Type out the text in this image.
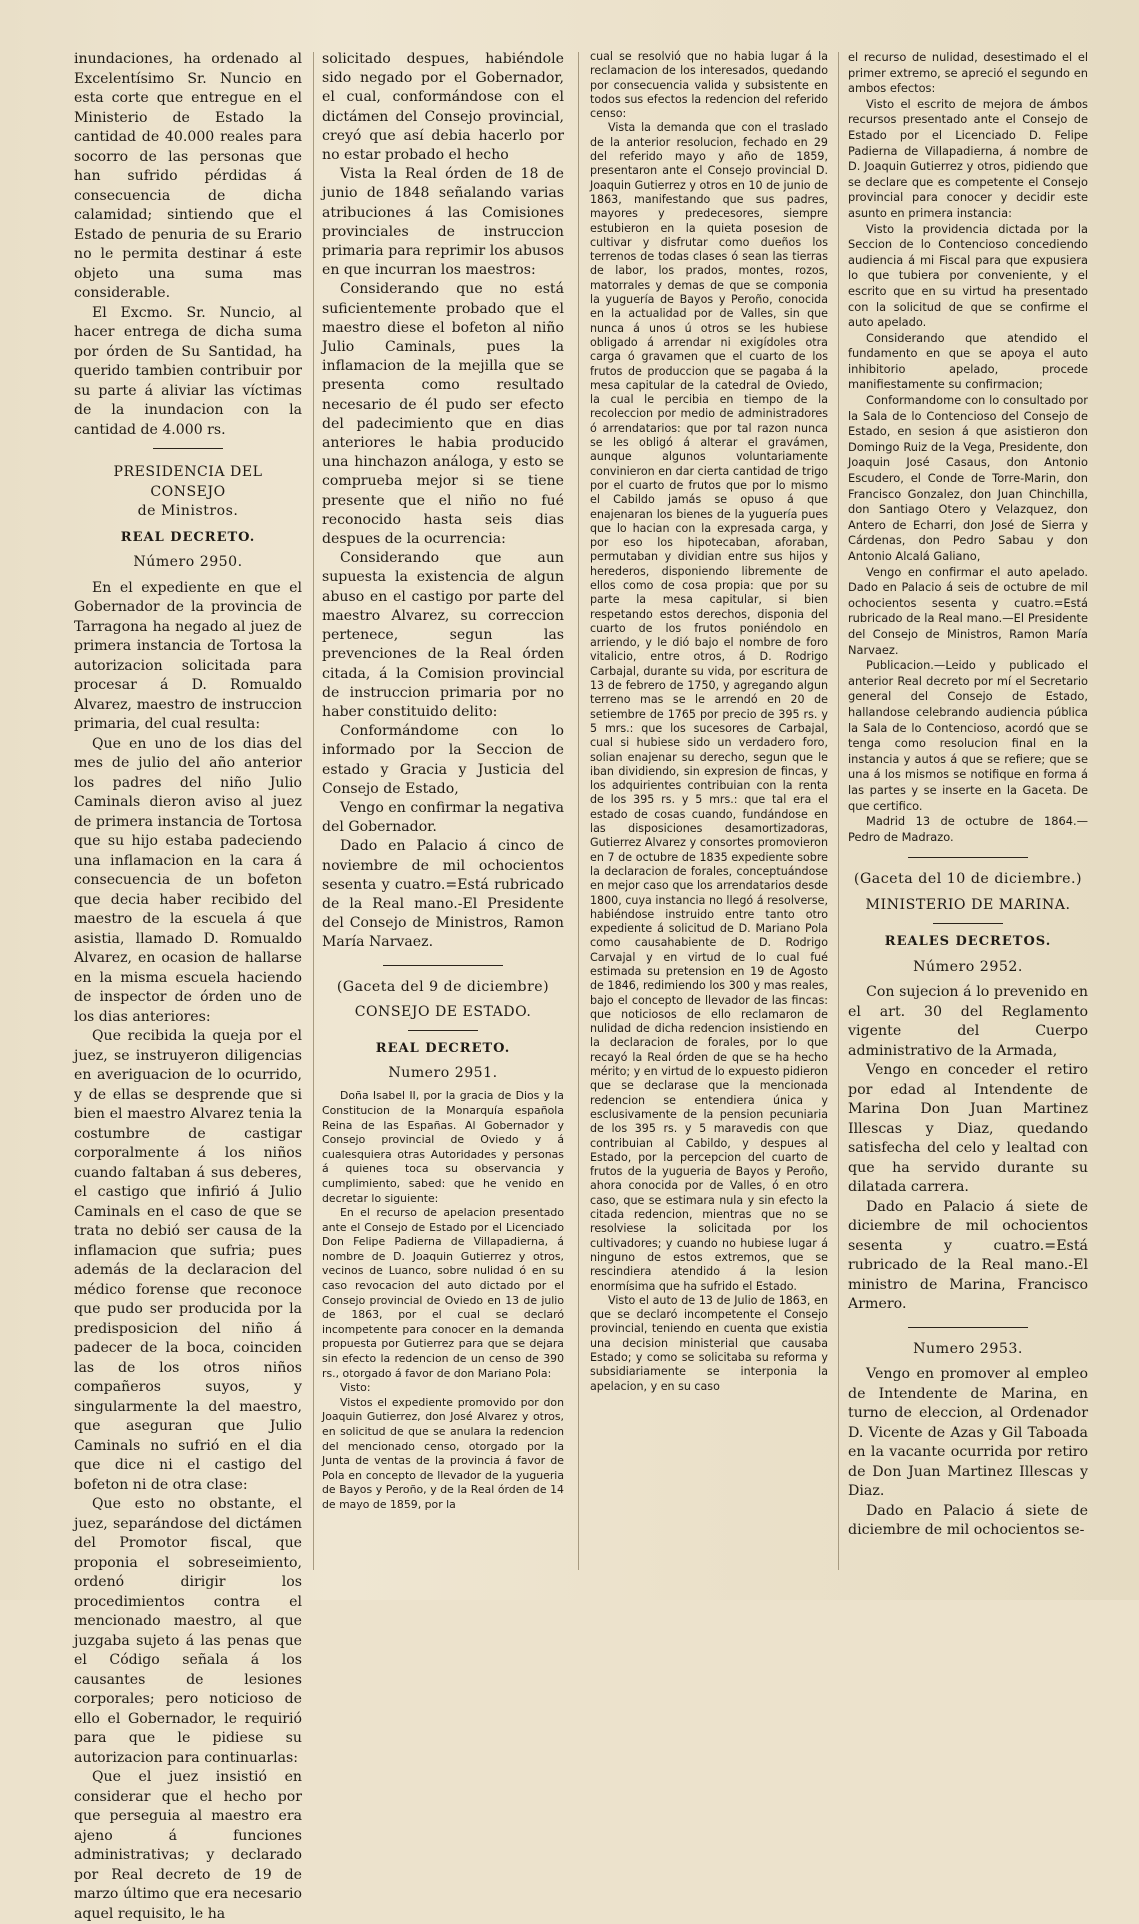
inundaciones, ha ordenado al Excelentísimo Sr. Nuncio en esta corte que entregue en el Ministerio de Estado la cantidad de 40.000 reales para socorro de las personas que han sufrido pérdidas á consecuencia de dicha calamidad; sintiendo que el Estado de penuria de su Erario no le permita destinar á este objeto una suma mas considerable.

El Excmo. Sr. Nuncio, al hacer entrega de dicha suma por órden de Su Santidad, ha querido tambien contribuir por su parte á aliviar las víctimas de la inundacion con la cantidad de 4.000 rs.

PRESIDENCIA DEL CONSEJO

de Ministros.

REAL DECRETO.

Número 2950.

En el expediente en que el Gobernador de la provincia de Tarragona ha negado al juez de primera instancia de Tortosa la autorizacion solicitada para procesar á D. Romualdo Alvarez, maestro de instruccion primaria, del cual resulta:

Que en uno de los dias del mes de julio del año anterior los padres del niño Julio Caminals dieron aviso al juez de primera instancia de Tortosa que su hijo estaba padeciendo una inflamacion en la cara á consecuencia de un bofeton que decia haber recibido del maestro de la escuela á que asistia, llamado D. Romualdo Alvarez, en ocasion de hallarse en la misma escuela haciendo de inspector de órden uno de los dias anteriores:

Que recibida la queja por el juez, se instruyeron diligencias en averiguacion de lo ocurrido, y de ellas se desprende que si bien el maestro Alvarez tenia la costumbre de castigar corporalmente á los niños cuando faltaban á sus deberes, el castigo que infirió á Julio Caminals en el caso de que se trata no debió ser causa de la inflamacion que sufria; pues además de la declaracion del médico forense que reconoce que pudo ser producida por la predisposicion del niño á padecer de la boca, coinciden las de los otros niños compañeros suyos, y singularmente la del maestro, que aseguran que Julio Caminals no sufrió en el dia que dice ni el castigo del bofeton ni de otra clase:

Que esto no obstante, el juez, separándose del dictámen del Promotor fiscal, que proponia el sobreseimiento, ordenó dirigir los procedimientos contra el mencionado maestro, al que juzgaba sujeto á las penas que el Código señala á los causantes de lesiones corporales; pero noticioso de ello el Gobernador, le requirió para que le pidiese su autorizacion para continuarlas:

Que el juez insistió en considerar que el hecho por que perseguia al maestro era ajeno á funciones administrativas; y declarado por Real decreto de 19 de marzo último que era necesario aquel requisito, le ha

solicitado despues, habiéndole sido negado por el Gobernador, el cual, conformándose con el dictámen del Consejo provincial, creyó que así debia hacerlo por no estar probado el hecho

Vista la Real órden de 18 de junio de 1848 señalando varias atribuciones á las Comisiones provinciales de instruccion primaria para reprimir los abusos en que incurran los maestros:

Considerando que no está suficientemente probado que el maestro diese el bofeton al niño Julio Caminals, pues la inflamacion de la mejilla que se presenta como resultado necesario de él pudo ser efecto del padecimiento que en dias anteriores le habia producido una hinchazon análoga, y esto se comprueba mejor si se tiene presente que el niño no fué reconocido hasta seis dias despues de la ocurrencia:

Considerando que aun supuesta la existencia de algun abuso en el castigo por parte del maestro Alvarez, su correccion pertenece, segun las prevenciones de la Real órden citada, á la Comision provincial de instruccion primaria por no haber constituido delito:

Conformándome con lo informado por la Seccion de estado y Gracia y Justicia del Consejo de Estado,

Vengo en confirmar la negativa del Gobernador.

Dado en Palacio á cinco de noviembre de mil ochocientos sesenta y cuatro.=Está rubricado de la Real mano.-El Presidente del Consejo de Ministros, Ramon María Narvaez.

(Gaceta del 9 de diciembre)

CONSEJO DE ESTADO.

REAL DECRETO.

Numero 2951.

Doña Isabel II, por la gracia de Dios y la Constitucion de la Monarquía española Reina de las Españas. Al Gobernador y Consejo provincial de Oviedo y á cualesquiera otras Autoridades y personas á quienes toca su observancia y cumplimiento, sabed: que he venido en decretar lo siguiente:

En el recurso de apelacion presentado ante el Consejo de Estado por el Licenciado Don Felipe Padierna de Villapadierna, á nombre de D. Joaquin Gutierrez y otros, vecinos de Luanco, sobre nulidad ó en su caso revocacion del auto dictado por el Consejo provincial de Oviedo en 13 de julio de 1863, por el cual se declaró incompetente para conocer en la demanda propuesta por Gutierrez para que se dejara sin efecto la redencion de un censo de 390 rs., otorgado á favor de don Mariano Pola:

Visto:

Vistos el expediente promovido por don Joaquin Gutierrez, don José Alvarez y otros, en solicitud de que se anulara la redencion del mencionado censo, otorgado por la Junta de ventas de la provincia á favor de Pola en concepto de llevador de la yugueria de Bayos y Peroño, y de la Real órden de 14 de mayo de 1859, por la

cual se resolvió que no habia lugar á la reclamacion de los interesados, quedando por consecuencia valida y subsistente en todos sus efectos la redencion del referido censo:

Vista la demanda que con el traslado de la anterior resolucion, fechado en 29 del referido mayo y año de 1859, presentaron ante el Consejo provincial D. Joaquin Gutierrez y otros en 10 de junio de 1863, manifestando que sus padres, mayores y predecesores, siempre estubieron en la quieta posesion de cultivar y disfrutar como dueños los terrenos de todas clases ó sean las tierras de labor, los prados, montes, rozos, matorrales y demas de que se componia la yuguería de Bayos y Peroño, conocida en la actualidad por de Valles, sin que nunca á unos ú otros se les hubiese obligado á arrendar ni exigídoles otra carga ó gravamen que el cuarto de los frutos de produccion que se pagaba á la mesa capitular de la catedral de Oviedo, la cual le percibia en tiempo de la recoleccion por medio de administradores ó arrendatarios: que por tal razon nunca se les obligó á alterar el gravámen, aunque algunos voluntariamente convinieron en dar cierta cantidad de trigo por el cuarto de frutos que por lo mismo el Cabildo jamás se opuso á que enajenaran los bienes de la yuguería pues que lo hacian con la expresada carga, y por eso los hipotecaban, aforaban, permutaban y dividian entre sus hijos y herederos, disponiendo libremente de ellos como de cosa propia: que por su parte la mesa capitular, si bien respetando estos derechos, disponia del cuarto de los frutos poniéndolo en arriendo, y le dió bajo el nombre de foro vitalicio, entre otros, á D. Rodrigo Carbajal, durante su vida, por escritura de 13 de febrero de 1750, y agregando algun terreno mas se le arrendó en 20 de setiembre de 1765 por precio de 395 rs. y 5 mrs.: que los sucesores de Carbajal, cual si hubiese sido un verdadero foro, solian enajenar su derecho, segun que le iban dividiendo, sin expresion de fincas, y los adquirientes contribuian con la renta de los 395 rs. y 5 mrs.: que tal era el estado de cosas cuando, fundándose en las disposiciones desamortizadoras, Gutierrez Alvarez y consortes promovieron en 7 de octubre de 1835 expediente sobre la declaracion de forales, conceptuándose en mejor caso que los arrendatarios desde 1800, cuya instancia no llegó á resolverse, habiéndose instruido entre tanto otro expediente á solicitud de D. Mariano Pola como causahabiente de D. Rodrigo Carvajal y en virtud de lo cual fué estimada su pretension en 19 de Agosto de 1846, redimiendo los 300 y mas reales, bajo el concepto de llevador de las fincas: que noticiosos de ello reclamaron de nulidad de dicha redencion insistiendo en la declaracion de forales, por lo que recayó la Real órden de que se ha hecho mérito; y en virtud de lo expuesto pidieron que se declarase que la mencionada redencion se entendiera única y esclusivamente de la pension pecuniaria de los 395 rs. y 5 maravedis con que contribuian al Cabildo, y despues al Estado, por la percepcion del cuarto de frutos de la yugueria de Bayos y Peroño, ahora conocida por de Valles, ó en otro caso, que se estimara nula y sin efecto la citada redencion, mientras que no se resolviese la solicitada por los cultivadores; y cuando no hubiese lugar á ninguno de estos extremos, que se rescindiera atendido á la lesion enormísima que ha sufrido el Estado.

Visto el auto de 13 de Julio de 1863, en que se declaró incompetente el Consejo provincial, teniendo en cuenta que existia una decision ministerial que causaba Estado; y como se solicitaba su reforma y subsidiariamente se interponia la apelacion, y en su caso

el recurso de nulidad, desestimado el el primer extremo, se apreció el segundo en ambos efectos:

Visto el escrito de mejora de ámbos recursos presentado ante el Consejo de Estado por el Licenciado D. Felipe Padierna de Villapadierna, á nombre de D. Joaquin Gutierrez y otros, pidiendo que se declare que es competente el Consejo provincial para conocer y decidir este asunto en primera instancia:

Visto la providencia dictada por la Seccion de lo Contencioso concediendo audiencia á mi Fiscal para que expusiera lo que tubiera por conveniente, y el escrito que en su virtud ha presentado con la solicitud de que se confirme el auto apelado.

Considerando que atendido el fundamento en que se apoya el auto inhibitorio apelado, procede manifiestamente su confirmacion;

Conformandome con lo consultado por la Sala de lo Contencioso del Consejo de Estado, en sesion á que asistieron don Domingo Ruiz de la Vega, Presidente, don Joaquin José Casaus, don Antonio Escudero, el Conde de Torre-Marin, don Francisco Gonzalez, don Juan Chinchilla, don Santiago Otero y Velazquez, don Antero de Echarri, don José de Sierra y Cárdenas, don Pedro Sabau y don Antonio Alcalá Galiano,

Vengo en confirmar el auto apelado. Dado en Palacio á seis de octubre de mil ochocientos sesenta y cuatro.=Está rubricado de la Real mano.—El Presidente del Consejo de Ministros, Ramon María Narvaez.

Publicacion.—Leido y publicado el anterior Real decreto por mí el Secretario general del Consejo de Estado, hallandose celebrando audiencia pública la Sala de lo Contencioso, acordó que se tenga como resolucion final en la instancia y autos á que se refiere; que se una á los mismos se notifique en forma á las partes y se inserte en la Gaceta. De que certifico.

Madrid 13 de octubre de 1864.— Pedro de Madrazo.

(Gaceta del 10 de diciembre.)

MINISTERIO DE MARINA.

REALES DECRETOS.

Número 2952.

Con sujecion á lo prevenido en el art. 30 del Reglamento vigente del Cuerpo administrativo de la Armada,

Vengo en conceder el retiro por edad al Intendente de Marina Don Juan Martinez Illescas y Diaz, quedando satisfecha del celo y lealtad con que ha servido durante su dilatada carrera.

Dado en Palacio á siete de diciembre de mil ochocientos sesenta y cuatro.=Está rubricado de la Real mano.-El ministro de Marina, Francisco Armero.

Numero 2953.

Vengo en promover al empleo de Intendente de Marina, en turno de eleccion, al Ordenador D. Vicente de Azas y Gil Taboada en la vacante ocurrida por retiro de Don Juan Martinez Illescas y Diaz.

Dado en Palacio á siete de diciembre de mil ochocientos se-
